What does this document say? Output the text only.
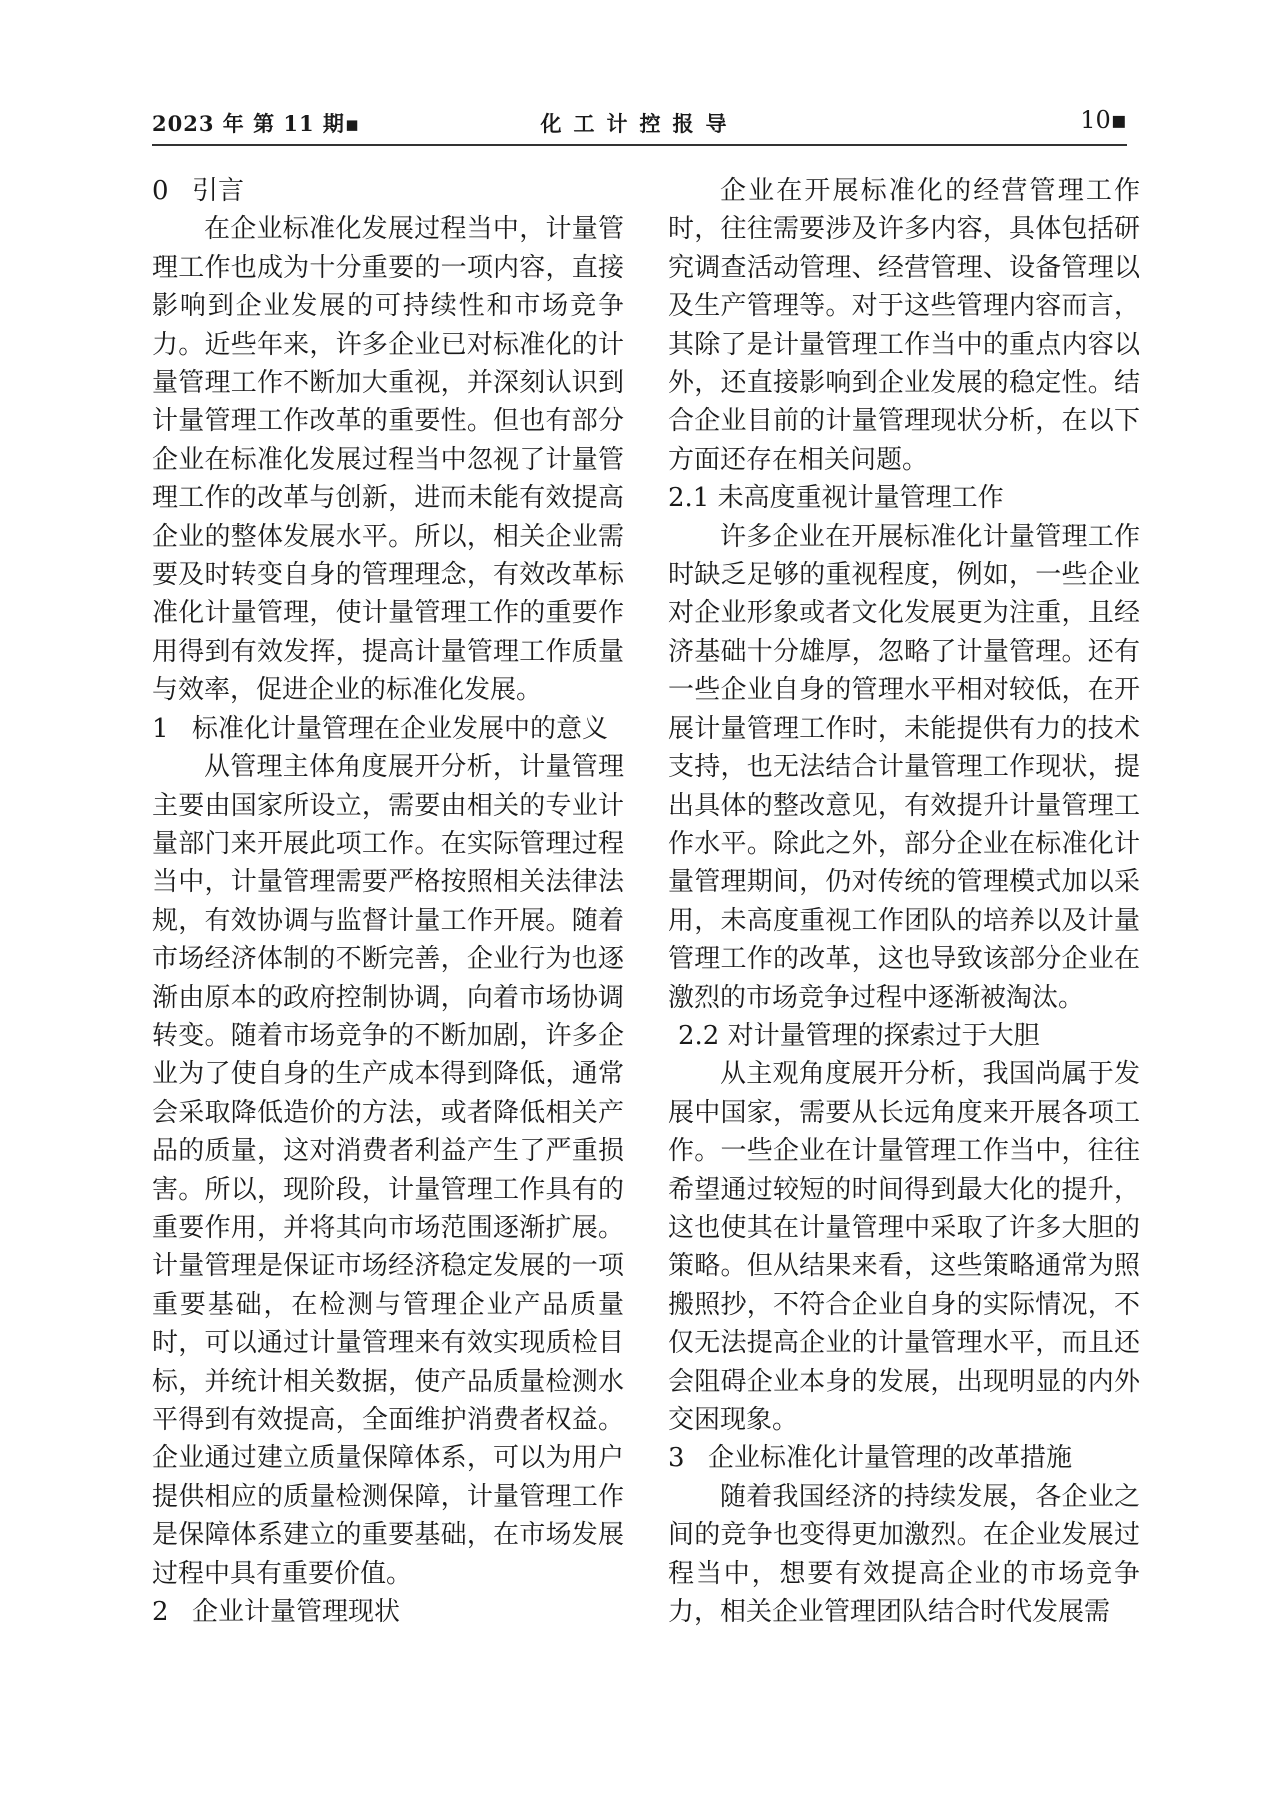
2023 年 第 11 期▪	化工计控报导	10▪
0 引言

在企业标准化发展过程当中，计量管理工作也成为十分重要的一项内容，直接影响到企业发展的可持续性和市场竞争力。近些年来，许多企业已对标准化的计量管理工作不断加大重视，并深刻认识到计量管理工作改革的重要性。但也有部分企业在标准化发展过程当中忽视了计量管理工作的改革与创新，进而未能有效提高企业的整体发展水平。所以，相关企业需要及时转变自身的管理理念，有效改革标准化计量管理，使计量管理工作的重要作用得到有效发挥，提高计量管理工作质量与效率，促进企业的标准化发展。

1 标准化计量管理在企业发展中的意义

从管理主体角度展开分析，计量管理主要由国家所设立，需要由相关的专业计量部门来开展此项工作。在实际管理过程当中，计量管理需要严格按照相关法律法规，有效协调与监督计量工作开展。随着市场经济体制的不断完善，企业行为也逐渐由原本的政府控制协调，向着市场协调转变。随着市场竞争的不断加剧，许多企业为了使自身的生产成本得到降低，通常会采取降低造价的方法，或者降低相关产品的质量，这对消费者利益产生了严重损害。所以，现阶段，计量管理工作具有的重要作用，并将其向市场范围逐渐扩展。计量管理是保证市场经济稳定发展的一项重要基础，在检测与管理企业产品质量时，可以通过计量管理来有效实现质检目标，并统计相关数据，使产品质量检测水平得到有效提高，全面维护消费者权益。企业通过建立质量保障体系，可以为用户提供相应的质量检测保障，计量管理工作是保障体系建立的重要基础，在市场发展过程中具有重要价值。

2 企业计量管理现状

企业在开展标准化的经营管理工作时，往往需要涉及许多内容，具体包括研究调查活动管理、经营管理、设备管理以及生产管理等。对于这些管理内容而言，其除了是计量管理工作当中的重点内容以外，还直接影响到企业发展的稳定性。结合企业目前的计量管理现状分析，在以下方面还存在相关问题。

2.1 未高度重视计量管理工作

许多企业在开展标准化计量管理工作时缺乏足够的重视程度，例如，一些企业对企业形象或者文化发展更为注重，且经济基础十分雄厚，忽略了计量管理。还有一些企业自身的管理水平相对较低，在开展计量管理工作时，未能提供有力的技术支持，也无法结合计量管理工作现状，提出具体的整改意见，有效提升计量管理工作水平。除此之外，部分企业在标准化计量管理期间，仍对传统的管理模式加以采用，未高度重视工作团队的培养以及计量管理工作的改革，这也导致该部分企业在激烈的市场竞争过程中逐渐被淘汰。

2.2 对计量管理的探索过于大胆

从主观角度展开分析，我国尚属于发展中国家，需要从长远角度来开展各项工作。一些企业在计量管理工作当中，往往希望通过较短的时间得到最大化的提升，这也使其在计量管理中采取了许多大胆的策略。但从结果来看，这些策略通常为照搬照抄，不符合企业自身的实际情况，不仅无法提高企业的计量管理水平，而且还会阻碍企业本身的发展，出现明显的内外交困现象。

3 企业标准化计量管理的改革措施

随着我国经济的持续发展，各企业之间的竞争也变得更加激烈。在企业发展过程当中，想要有效提高企业的市场竞争力，相关企业管理团队结合时代发展需
